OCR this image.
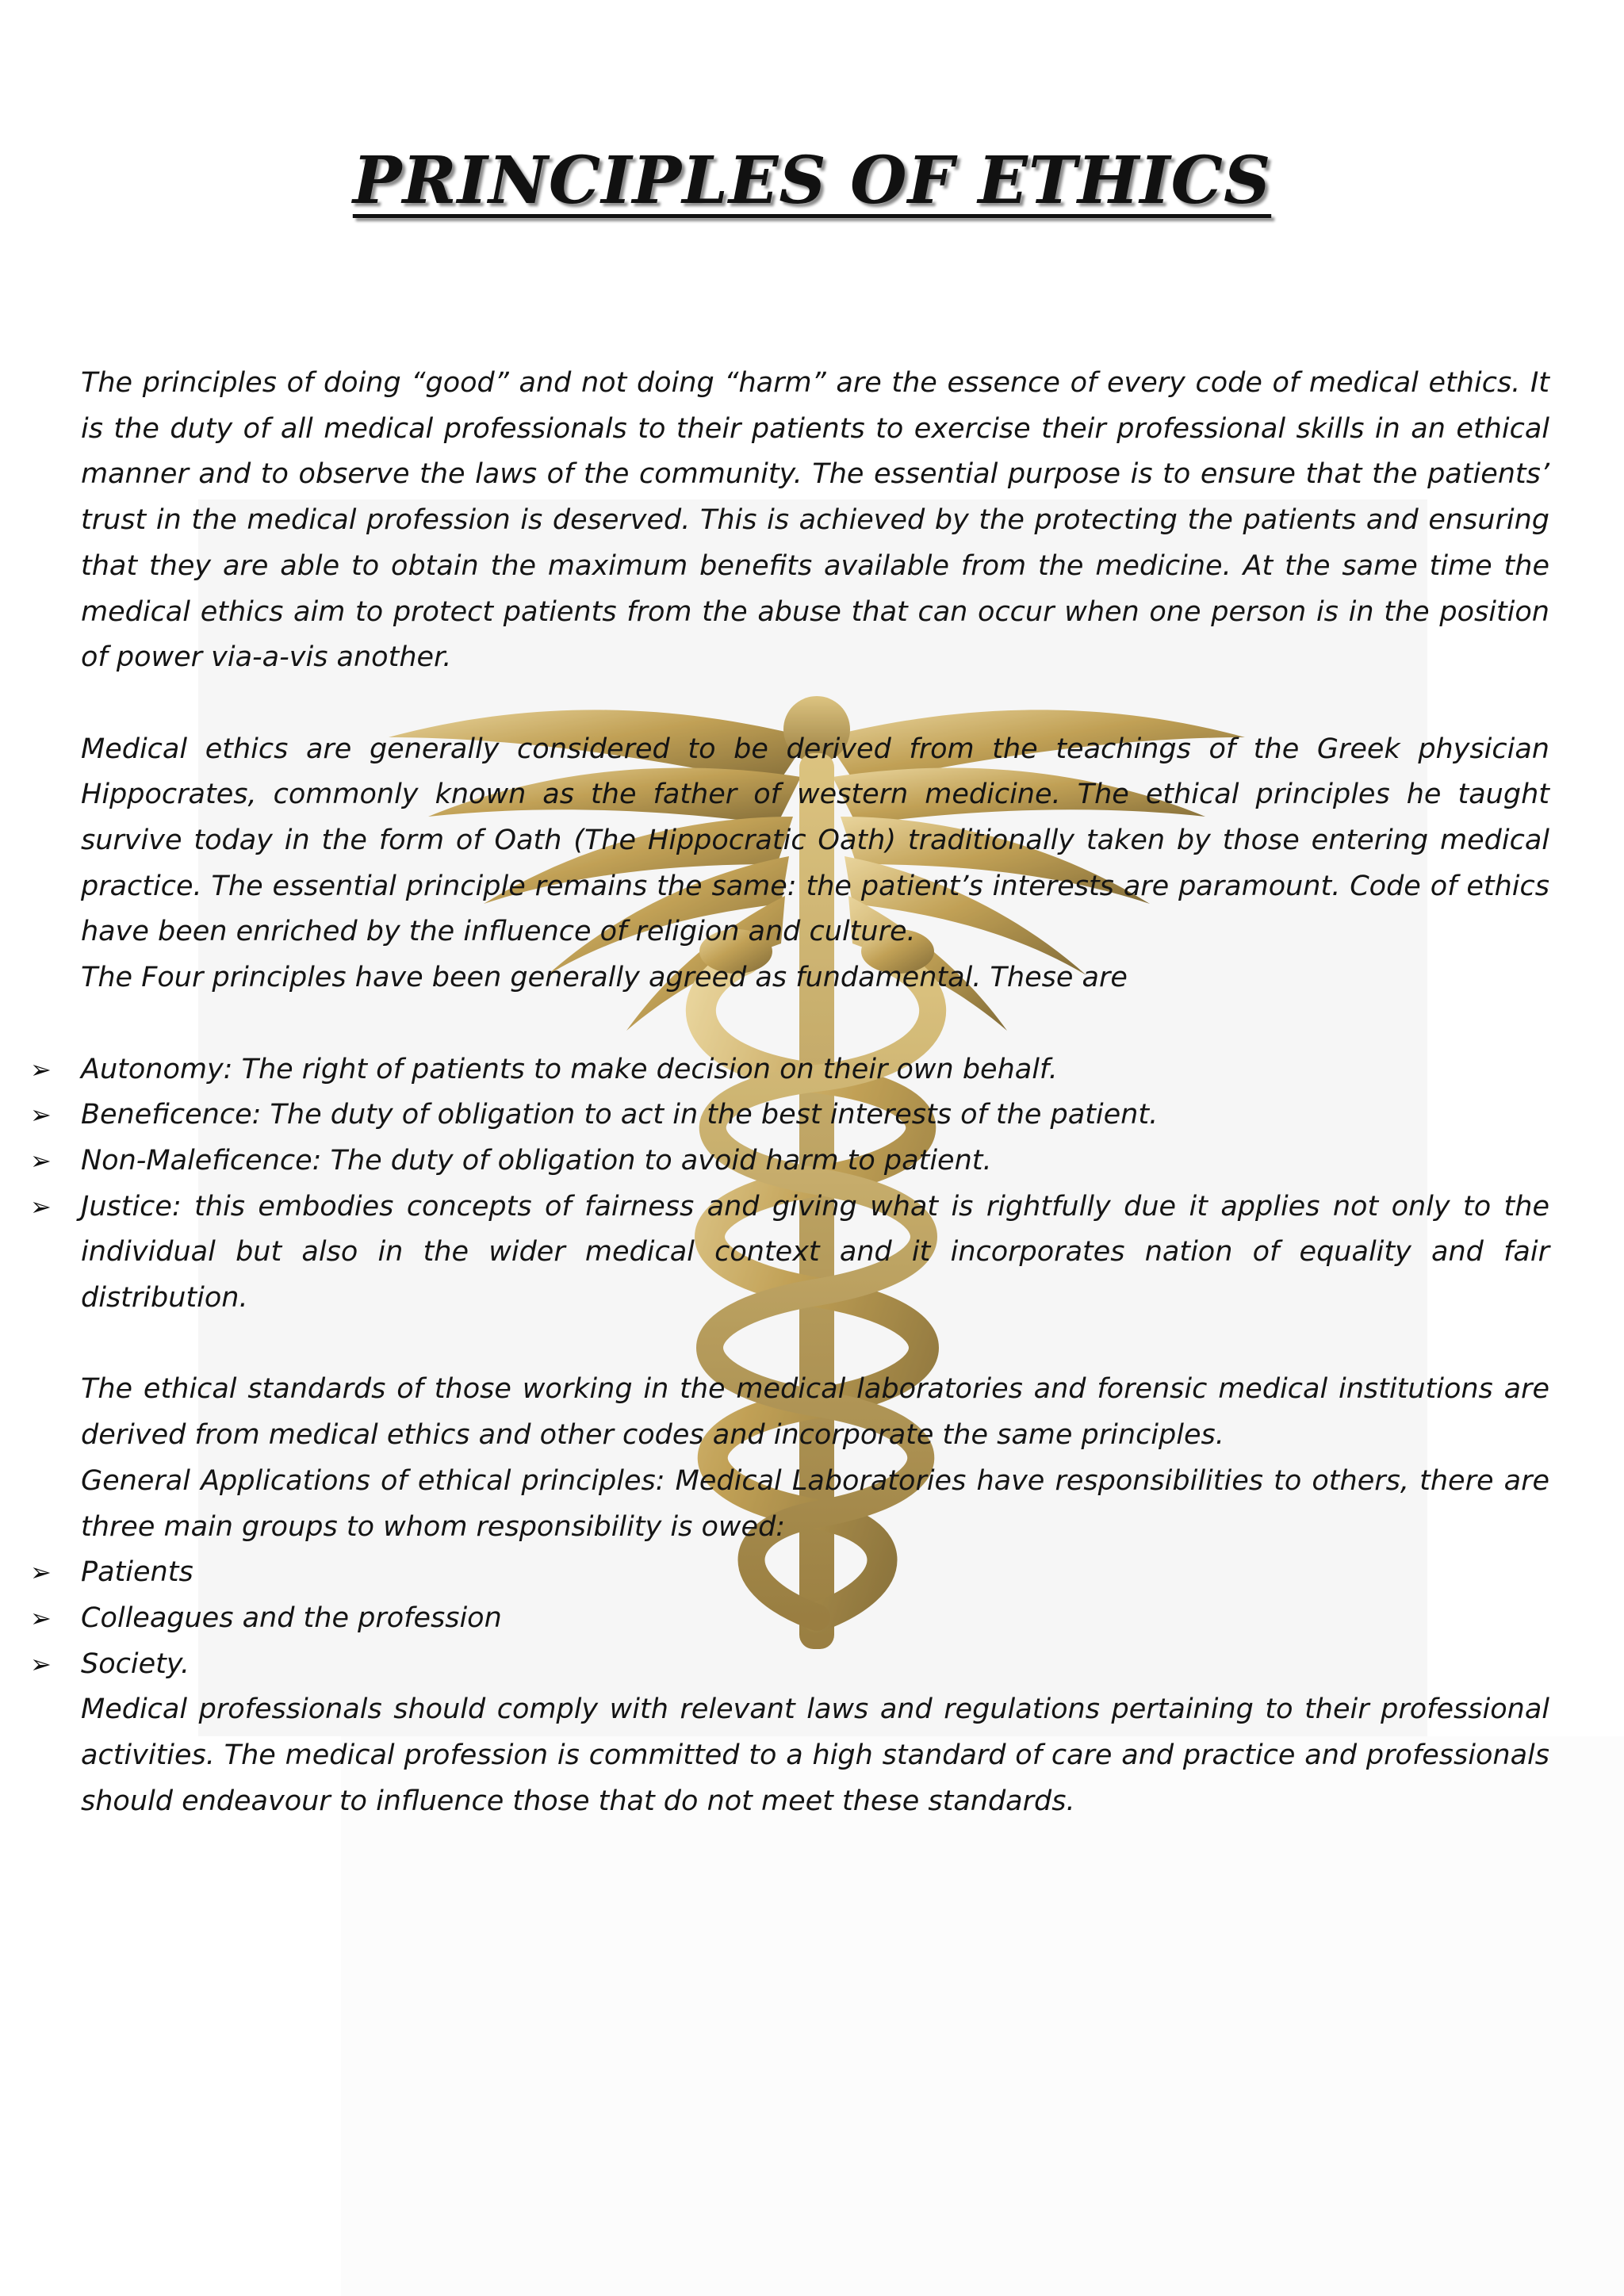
PRINCIPLES OF ETHICS

The principles of doing “good” and not doing “harm” are the essence of every code of medical ethics. It is the duty of all medical professionals to their patients to exercise their professional skills in an ethical manner and to observe the laws of the community. The essential purpose is to ensure that the patients’ trust in the medical profession is deserved. This is achieved by the protecting the patients and ensuring that they are able to obtain the maximum benefits available from the medicine. At the same time the medical ethics aim to protect patients from the abuse that can occur when one person is in the position of power via-a-vis another.

Medical ethics are generally considered to be derived from the teachings of the Greek physician Hippocrates, commonly known as the father of western medicine. The ethical principles he taught survive today in the form of Oath (The Hippocratic Oath) traditionally taken by those entering medical practice. The essential principle remains the same: the patient’s interests are paramount. Code of ethics have been enriched by the influence of religion and culture.

The Four principles have been generally agreed as fundamental. These are

➢ Autonomy: The right of patients to make decision on their own behalf.
➢ Beneficence: The duty of obligation to act in the best interests of the patient.
➢ Non-Maleficence: The duty of obligation to avoid harm to patient.
➢ Justice: this embodies concepts of fairness and giving what is rightfully due it applies not only to the individual but also in the wider medical context and it incorporates nation of equality and fair distribution.

The ethical standards of those working in the medical laboratories and forensic medical institutions are derived from medical ethics and other codes and incorporate the same principles.

General Applications of ethical principles: Medical Laboratories have responsibilities to others, there are three main groups to whom responsibility is owed:

➢ Patients
➢ Colleagues and the profession
➢ Society.

Medical professionals should comply with relevant laws and regulations pertaining to their professional activities. The medical profession is committed to a high standard of care and practice and professionals should endeavour to influence those that do not meet these standards.
